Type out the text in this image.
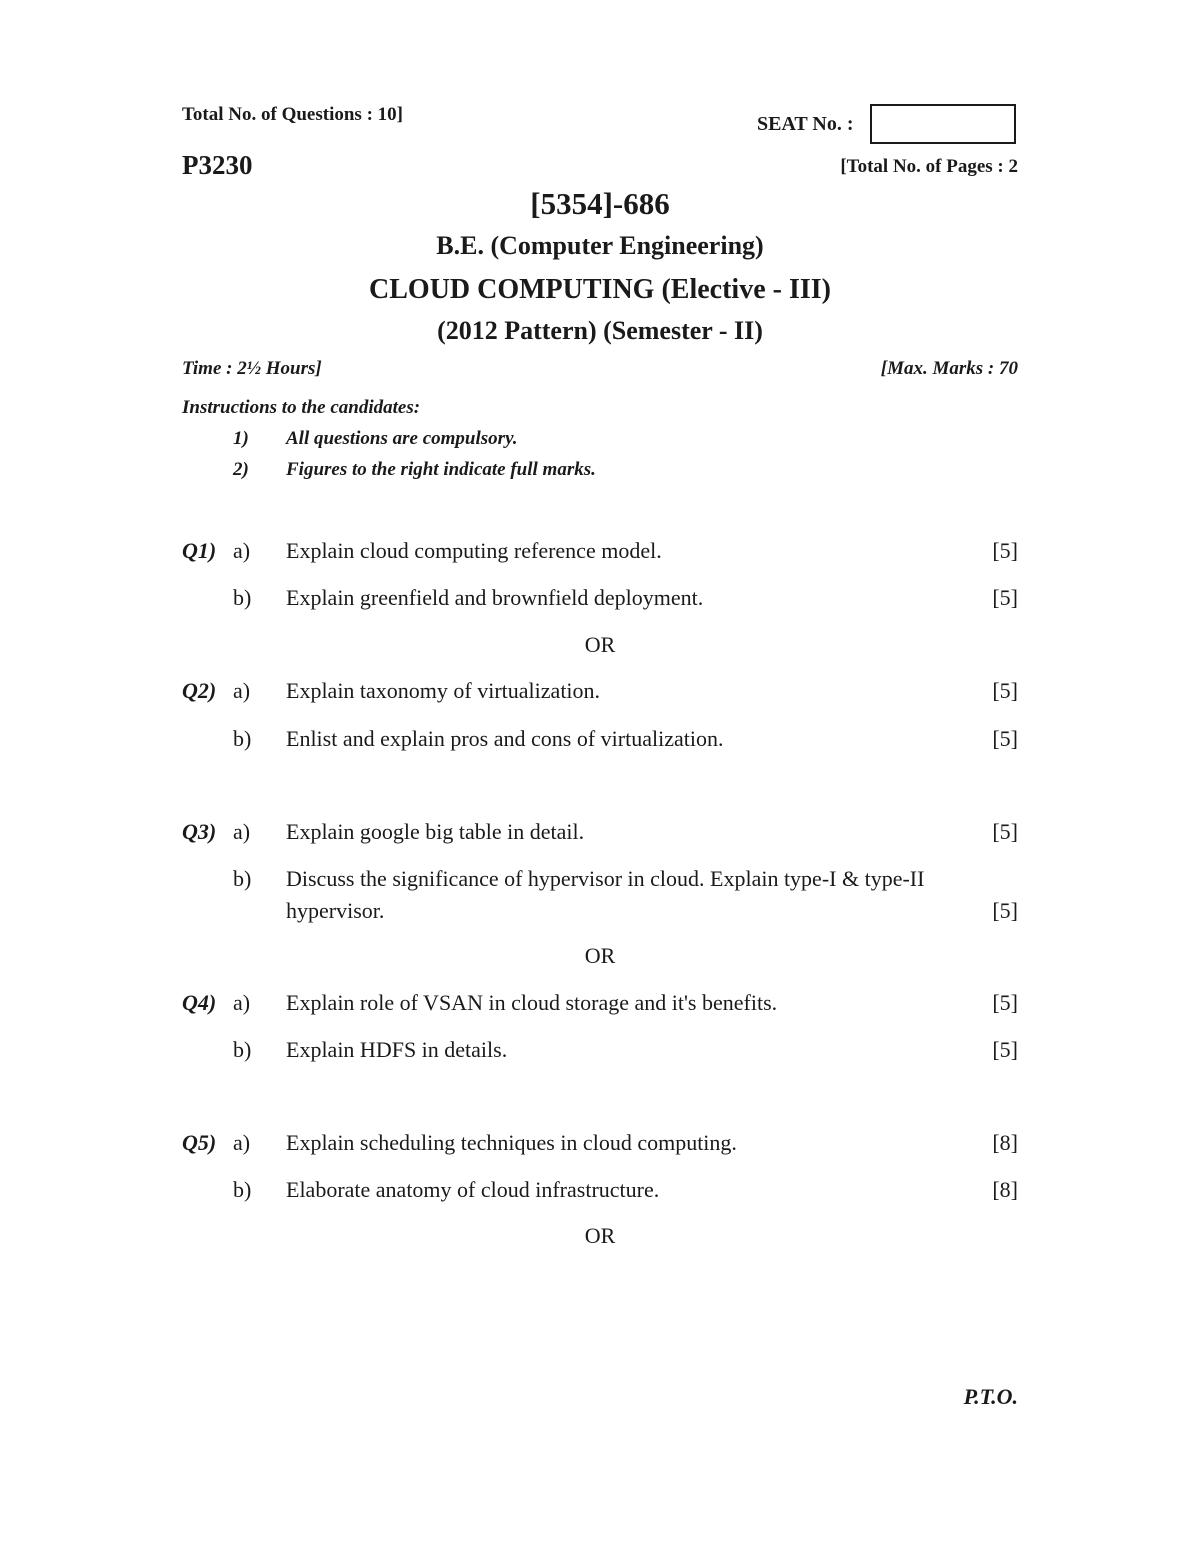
Total No. of Questions : 10]	SEAT No. :
P3230	[Total No. of Pages : 2
[5354]-686
B.E. (Computer Engineering)
CLOUD COMPUTING (Elective - III)
(2012 Pattern) (Semester - II)
Time : 2½ Hours]	[Max. Marks : 70
Instructions to the candidates:
1) All questions are compulsory.
2) Figures to the right indicate full marks.
Q1) a) Explain cloud computing reference model.	[5]
b) Explain greenfield and brownfield deployment.	[5]
OR
Q2) a) Explain taxonomy of virtualization.	[5]
b) Enlist and explain pros and cons of virtualization.	[5]
Q3) a) Explain google big table in detail.	[5]
b) Discuss the significance of hypervisor in cloud. Explain type-I & type-II
hypervisor.	[5]
OR
Q4) a) Explain role of VSAN in cloud storage and it's benefits.	[5]
b) Explain HDFS in details.	[5]
Q5) a) Explain scheduling techniques in cloud computing.	[8]
b) Elaborate anatomy of cloud infrastructure.	[8]
OR
P.T.O.
